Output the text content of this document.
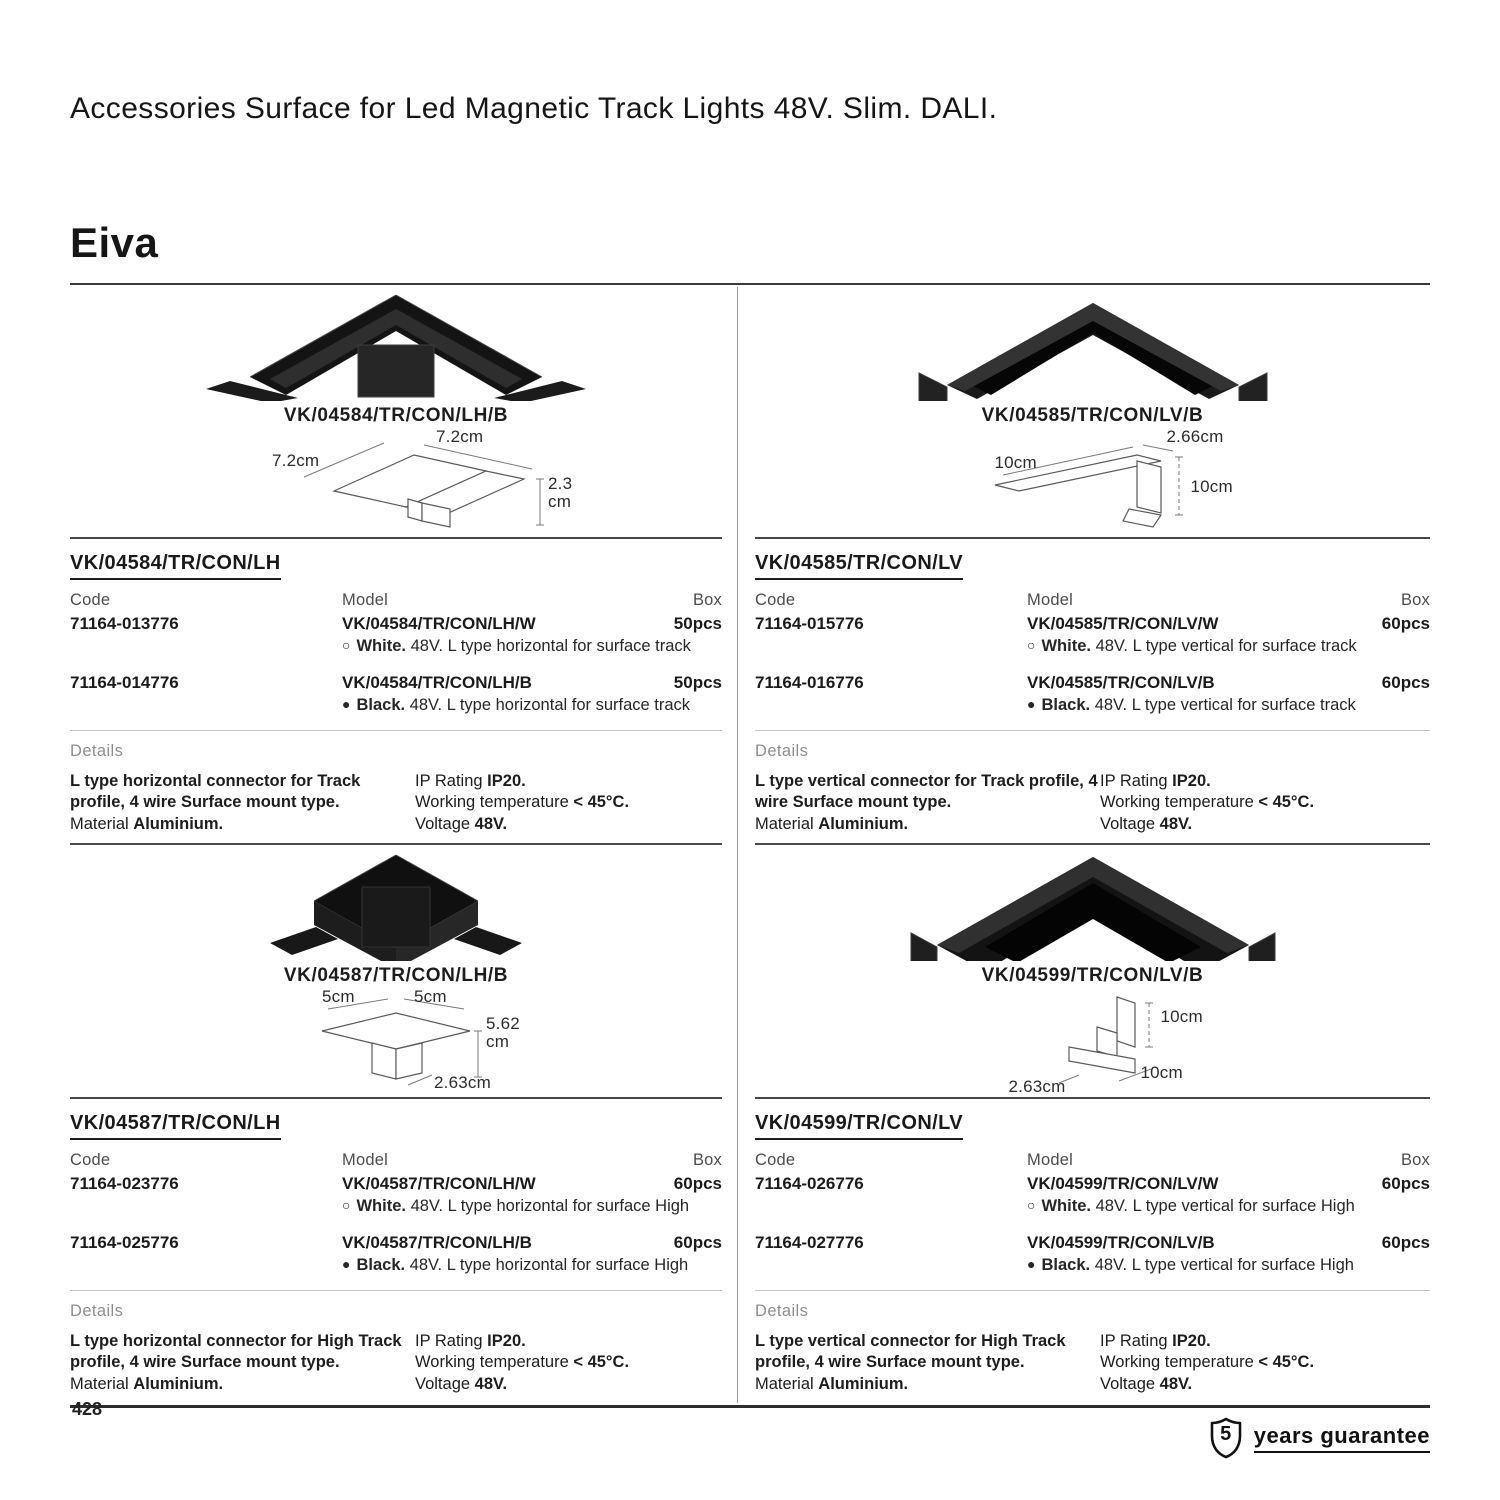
Accessories Surface for Led Magnetic Track Lights 48V. Slim. DALI.
Eiva
VK/04584/TR/CON/LH/B
7.2cm
7.2cm
2.3 cm
VK/04584/TR/CON/LH
Code	Model	Box
71164-013776	VK/04584/TR/CON/LH/W	50pcs
○ White. 48V. L type horizontal for surface track
71164-014776	VK/04584/TR/CON/LH/B	50pcs
● Black. 48V. L type horizontal for surface track
Details
L type horizontal connector for Track profile, 4 wire Surface mount type.
Material Aluminium.
IP Rating IP20.
Working temperature < 45°C.
Voltage 48V.
VK/04585/TR/CON/LV/B
2.66cm
10cm
10cm
VK/04585/TR/CON/LV
Code	Model	Box
71164-015776	VK/04585/TR/CON/LV/W	60pcs
○ White. 48V. L type vertical for surface track
71164-016776	VK/04585/TR/CON/LV/B	60pcs
● Black. 48V. L type vertical for surface track
Details
L type vertical connector for Track profile, 4 wire Surface mount type.
Material Aluminium.
IP Rating IP20.
Working temperature < 45°C.
Voltage 48V.
VK/04587/TR/CON/LH/B
5cm	5cm
5.62 cm
2.63cm
VK/04587/TR/CON/LH
Code	Model	Box
71164-023776	VK/04587/TR/CON/LH/W	60pcs
○ White. 48V. L type horizontal for surface High
71164-025776	VK/04587/TR/CON/LH/B	60pcs
● Black. 48V. L type horizontal for surface High
Details
L type horizontal connector for High Track profile, 4 wire Surface mount type.
Material Aluminium.
IP Rating IP20.
Working temperature < 45°C.
Voltage 48V.
VK/04599/TR/CON/LV/B
10cm
10cm
2.63cm
VK/04599/TR/CON/LV
Code	Model	Box
71164-026776	VK/04599/TR/CON/LV/W	60pcs
○ White. 48V. L type vertical for surface High
71164-027776	VK/04599/TR/CON/LV/B	60pcs
● Black. 48V. L type vertical for surface High
Details
L type vertical connector for High Track profile, 4 wire Surface mount type.
Material Aluminium.
IP Rating IP20.
Working temperature < 45°C.
Voltage 48V.
5	years guarantee
428
